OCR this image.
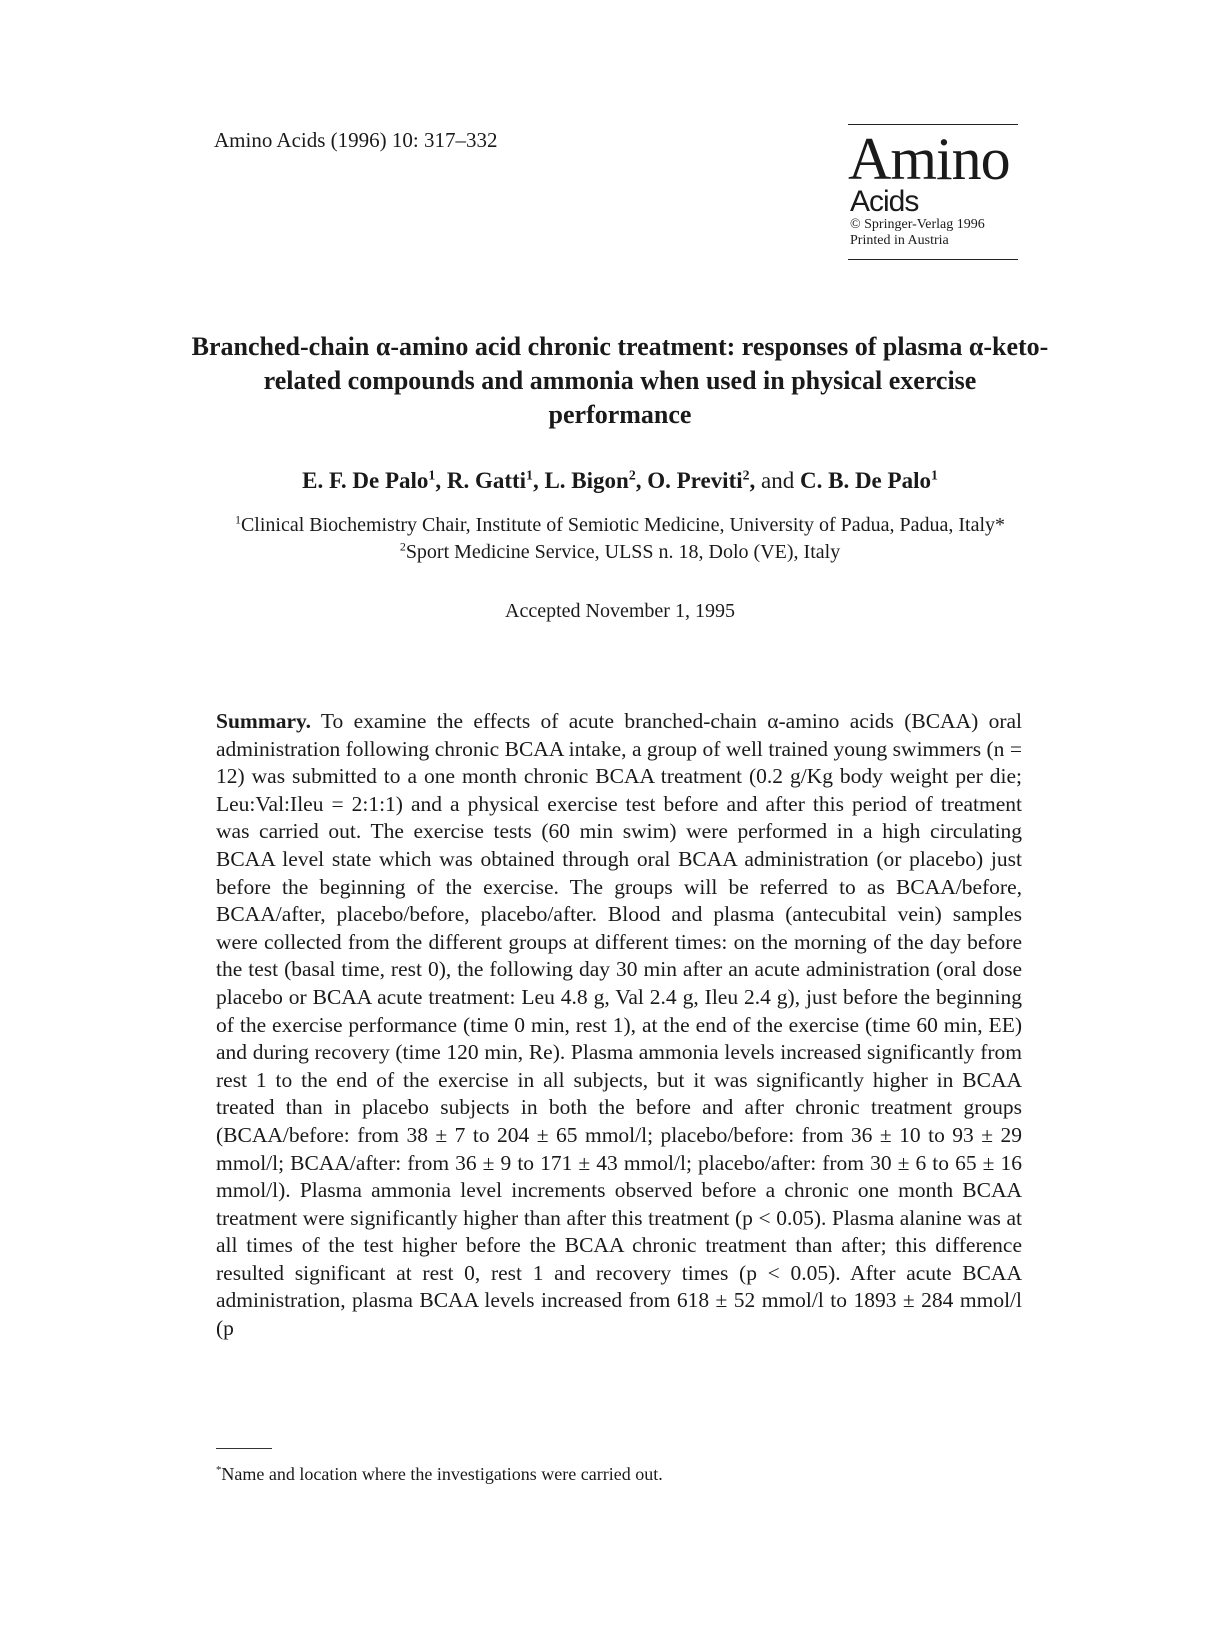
Amino Acids (1996) 10: 317–332	Amino
Acids
© Springer-Verlag 1996
Printed in Austria
Branched-chain α-amino acid chronic treatment: responses of plasma α-keto-related compounds and ammonia when used in physical exercise performance
E. F. De Palo$^1$, R. Gatti$^1$, L. Bigon$^2$, O. Previti$^2$, and C. B. De Palo$^1$
$^1$Clinical Biochemistry Chair, Institute of Semiotic Medicine, University of Padua, Padua, Italy*
$^2$Sport Medicine Service, ULSS n. 18, Dolo (VE), Italy
Accepted November 1, 1995
Summary. To examine the effects of acute branched-chain α-amino acids (BCAA) oral administration following chronic BCAA intake, a group of well trained young swimmers (n = 12) was submitted to a one month chronic BCAA treatment (0.2 g/Kg body weight per die; Leu:Val:Ileu = 2:1:1) and a physical exercise test before and after this period of treatment was carried out. The exercise tests (60 min swim) were performed in a high circulating BCAA level state which was obtained through oral BCAA administration (or placebo) just before the beginning of the exercise. The groups will be referred to as BCAA/before, BCAA/after, placebo/before, placebo/after. Blood and plasma (antecubital vein) samples were collected from the different groups at different times: on the morning of the day before the test (basal time, rest 0), the following day 30 min after an acute administration (oral dose placebo or BCAA acute treatment: Leu 4.8 g, Val 2.4 g, Ileu 2.4 g), just before the beginning of the exercise performance (time 0 min, rest 1), at the end of the exercise (time 60 min, EE) and during recovery (time 120 min, Re). Plasma ammonia levels increased significantly from rest 1 to the end of the exercise in all subjects, but it was significantly higher in BCAA treated than in placebo subjects in both the before and after chronic treatment groups (BCAA/before: from 38 ± 7 to 204 ± 65 mmol/l; placebo/before: from 36 ± 10 to 93 ± 29 mmol/l; BCAA/after: from 36 ± 9 to 171 ± 43 mmol/l; placebo/after: from 30 ± 6 to 65 ± 16 mmol/l). Plasma ammonia level increments observed before a chronic one month BCAA treatment were significantly higher than after this treatment (p < 0.05). Plasma alanine was at all times of the test higher before the BCAA chronic treatment than after; this difference resulted significant at rest 0, rest 1 and recovery times (p < 0.05). After acute BCAA administration, plasma BCAA levels increased from 618 ± 52 mmol/l to 1893 ± 284 mmol/l (p
*Name and location where the investigations were carried out.
